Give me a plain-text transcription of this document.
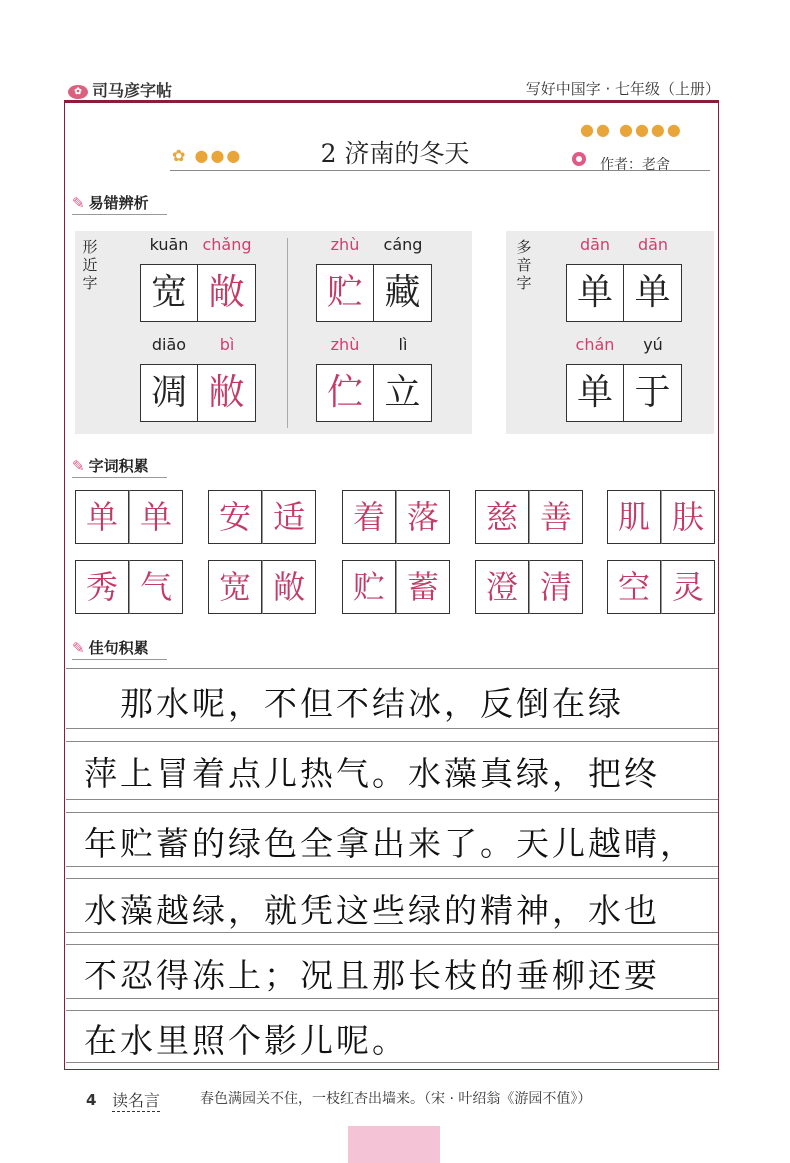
✿ 司马彦字帖	写好中国字 · 七年级（上册）
✿ ●●●	2 济南的冬天
●● ●●●●
作者：老舍
✎ 易错辨析
形近字
多音字
kuān chǎng
宽 敞
diāo	bì
凋 敝
zhù	cáng
贮 藏
zhù	lì
伫 立
dān	dān
单 单
chán	yú
单 于
✎ 字词积累
单 单	安 适	着 落	慈 善	肌 肤
秀 气	宽 敞	贮 蓄	澄 清	空 灵
✎ 佳句积累
　那水呢，不但不结冰，反倒在绿
萍上冒着点儿热气。水藻真绿，把终
年贮蓄的绿色全拿出来了。天儿越晴，
水藻越绿，就凭这些绿的精神，水也
不忍得冻上；况且那长枝的垂柳还要
在水里照个影儿呢。
4 读名言	春色满园关不住，一枝红杏出墙来。（宋 · 叶绍翁《游园不值》）
